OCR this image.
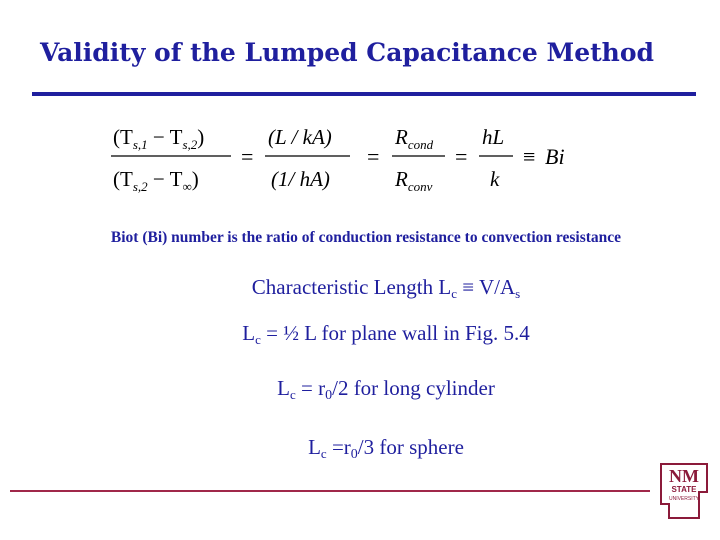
Validity of the Lumped Capacitance Method
$(T_{s,1} - T_{s,2})$
$(T_{s,2} - T_\infty)$
=
(L / kA)
(1/ hA)
=
$R_{cond}$
$R_{conv}$
=
hL
k
≡ Bi
Biot (Bi) number is the ratio of conduction resistance to convection resistance
Characteristic Length $L_c \equiv V/A_s$
$L_c$ = ½ L for plane wall in Fig. 5.4
$L_c = r_0/2$ for long cylinder
$L_c =r_0/3$ for sphere
NM
STATE
UNIVERSITY
